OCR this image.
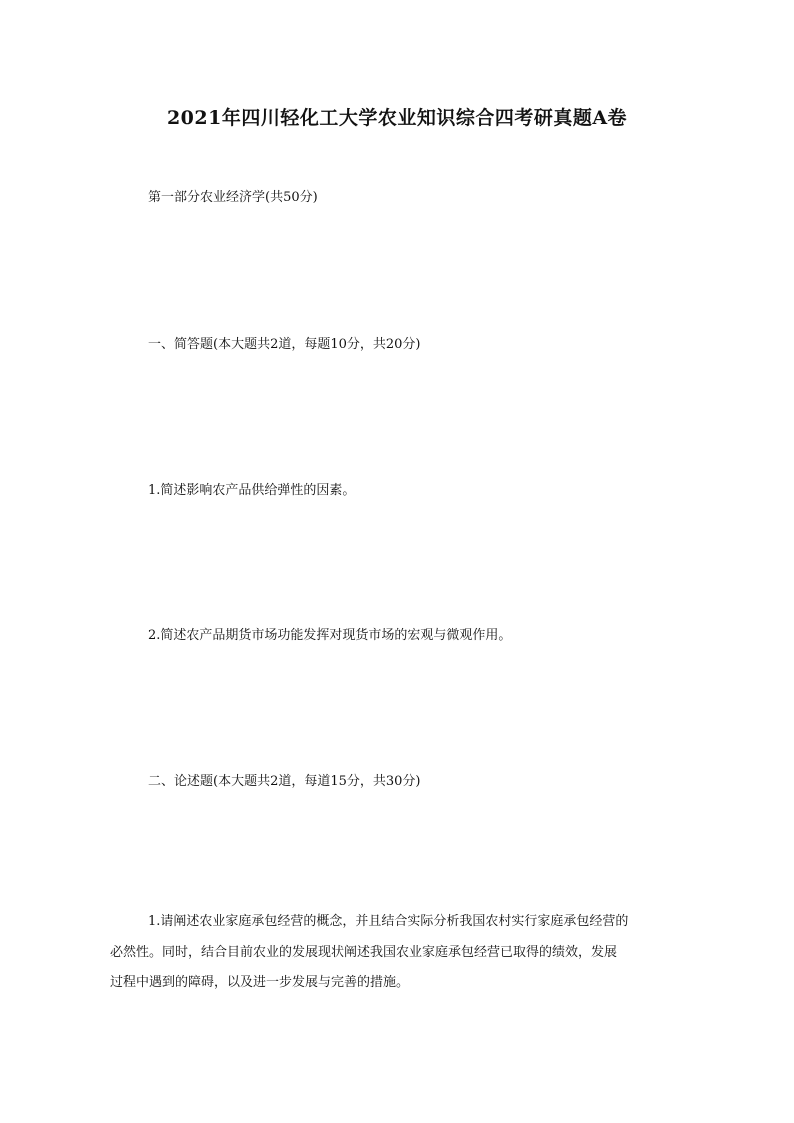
2021年四川轻化工大学农业知识综合四考研真题A卷
第一部分农业经济学(共50分)
一、简答题(本大题共2道，每题10分，共20分)
1.简述影响农产品供给弹性的因素。
2.简述农产品期货市场功能发挥对现货市场的宏观与微观作用。
二、论述题(本大题共2道，每道15分，共30分)
1.请阐述农业家庭承包经营的概念，并且结合实际分析我国农村实行家庭承包经营的
必然性。同时，结合目前农业的发展现状阐述我国农业家庭承包经营已取得的绩效，发展
过程中遇到的障碍，以及进一步发展与完善的措施。
